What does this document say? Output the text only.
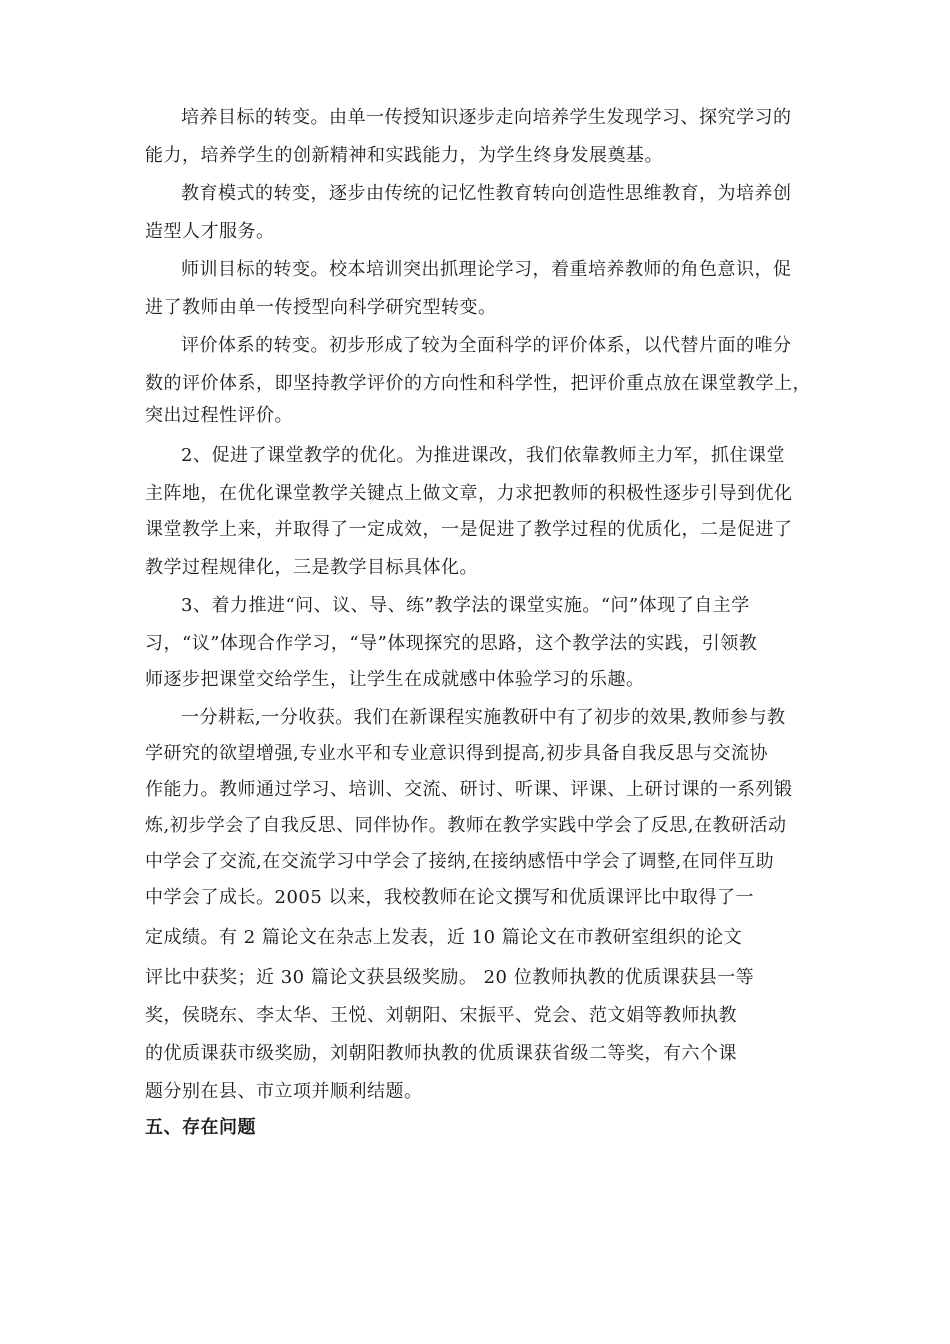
培养目标的转变。由单一传授知识逐步走向培养学生发现学习、探究学习的
能力，培养学生的创新精神和实践能力，为学生终身发展奠基。
教育模式的转变，逐步由传统的记忆性教育转向创造性思维教育，为培养创
造型人才服务。
师训目标的转变。校本培训突出抓理论学习，着重培养教师的角色意识，促
进了教师由单一传授型向科学研究型转变。
评价体系的转变。初步形成了较为全面科学的评价体系，以代替片面的唯分
数的评价体系，即坚持教学评价的方向性和科学性，把评价重点放在课堂教学上，
突出过程性评价。
2、促进了课堂教学的优化。为推进课改，我们依靠教师主力军，抓住课堂
主阵地，在优化课堂教学关键点上做文章，力求把教师的积极性逐步引导到优化
课堂教学上来，并取得了一定成效，一是促进了教学过程的优质化，二是促进了
教学过程规律化，三是教学目标具体化。
3、着力推进“问、议、导、练”教学法的课堂实施。“问”体现了自主学
习，“议”体现合作学习，“导”体现探究的思路，这个教学法的实践，引领教
师逐步把课堂交给学生，让学生在成就感中体验学习的乐趣。
一分耕耘,一分收获。我们在新课程实施教研中有了初步的效果,教师参与教
学研究的欲望增强,专业水平和专业意识得到提高,初步具备自我反思与交流协
作能力。教师通过学习、培训、交流、研讨、听课、评课、上研讨课的一系列锻
炼,初步学会了自我反思、同伴协作。教师在教学实践中学会了反思,在教研活动
中学会了交流,在交流学习中学会了接纳,在接纳感悟中学会了调整,在同伴互助
中学会了成长。2005 以来，我校教师在论文撰写和优质课评比中取得了一
定成绩。有 2 篇论文在杂志上发表，近 10 篇论文在市教研室组织的论文
评比中获奖；近 30 篇论文获县级奖励。 20 位教师执教的优质课获县一等
奖，侯晓东、李太华、王悦、刘朝阳、宋振平、党会、范文娟等教师执教
的优质课获市级奖励，刘朝阳教师执教的优质课获省级二等奖，有六个课
题分别在县、市立项并顺利结题。
五、存在问题
